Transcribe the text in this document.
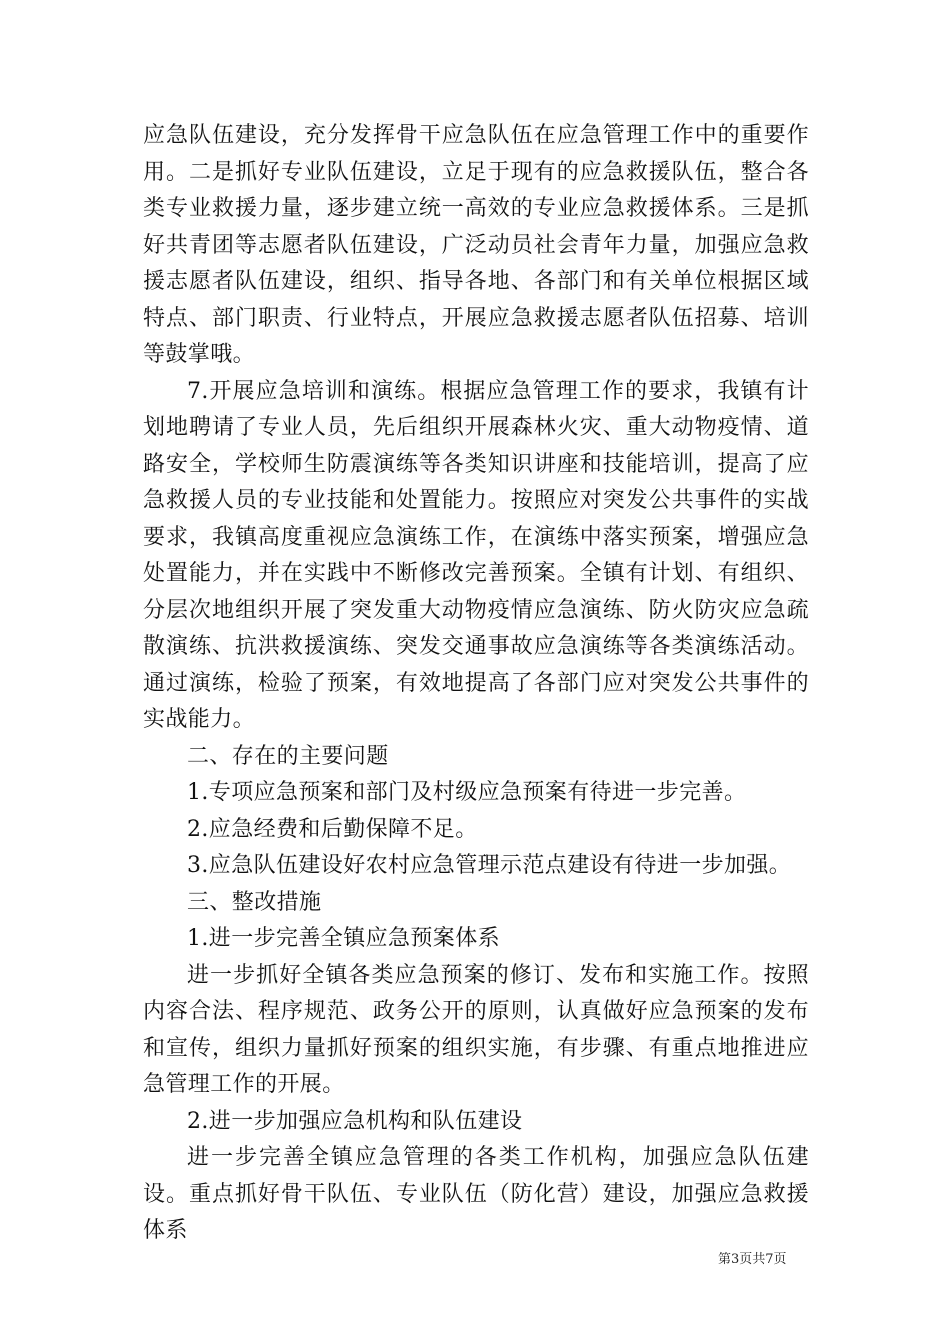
应急队伍建设，充分发挥骨干应急队伍在应急管理工作中的重要作用。二是抓好专业队伍建设，立足于现有的应急救援队伍，整合各类专业救援力量，逐步建立统一高效的专业应急救援体系。三是抓好共青团等志愿者队伍建设，广泛动员社会青年力量，加强应急救援志愿者队伍建设，组织、指导各地、各部门和有关单位根据区域特点、部门职责、行业特点，开展应急救援志愿者队伍招募、培训等鼓掌哦。

7.开展应急培训和演练。根据应急管理工作的要求，我镇有计划地聘请了专业人员，先后组织开展森林火灾、重大动物疫情、道路安全，学校师生防震演练等各类知识讲座和技能培训，提高了应急救援人员的专业技能和处置能力。按照应对突发公共事件的实战要求，我镇高度重视应急演练工作，在演练中落实预案，增强应急处置能力，并在实践中不断修改完善预案。全镇有计划、有组织、分层次地组织开展了突发重大动物疫情应急演练、防火防灾应急疏散演练、抗洪救援演练、突发交通事故应急演练等各类演练活动。通过演练，检验了预案，有效地提高了各部门应对突发公共事件的实战能力。

二、存在的主要问题

1.专项应急预案和部门及村级应急预案有待进一步完善。

2.应急经费和后勤保障不足。

3.应急队伍建设好农村应急管理示范点建设有待进一步加强。

三、整改措施

1.进一步完善全镇应急预案体系

进一步抓好全镇各类应急预案的修订、发布和实施工作。按照内容合法、程序规范、政务公开的原则，认真做好应急预案的发布和宣传，组织力量抓好预案的组织实施，有步骤、有重点地推进应急管理工作的开展。

2.进一步加强应急机构和队伍建设

进一步完善全镇应急管理的各类工作机构，加强应急队伍建设。重点抓好骨干队伍、专业队伍（防化营）建设，加强应急救援体系

第3页共7页
